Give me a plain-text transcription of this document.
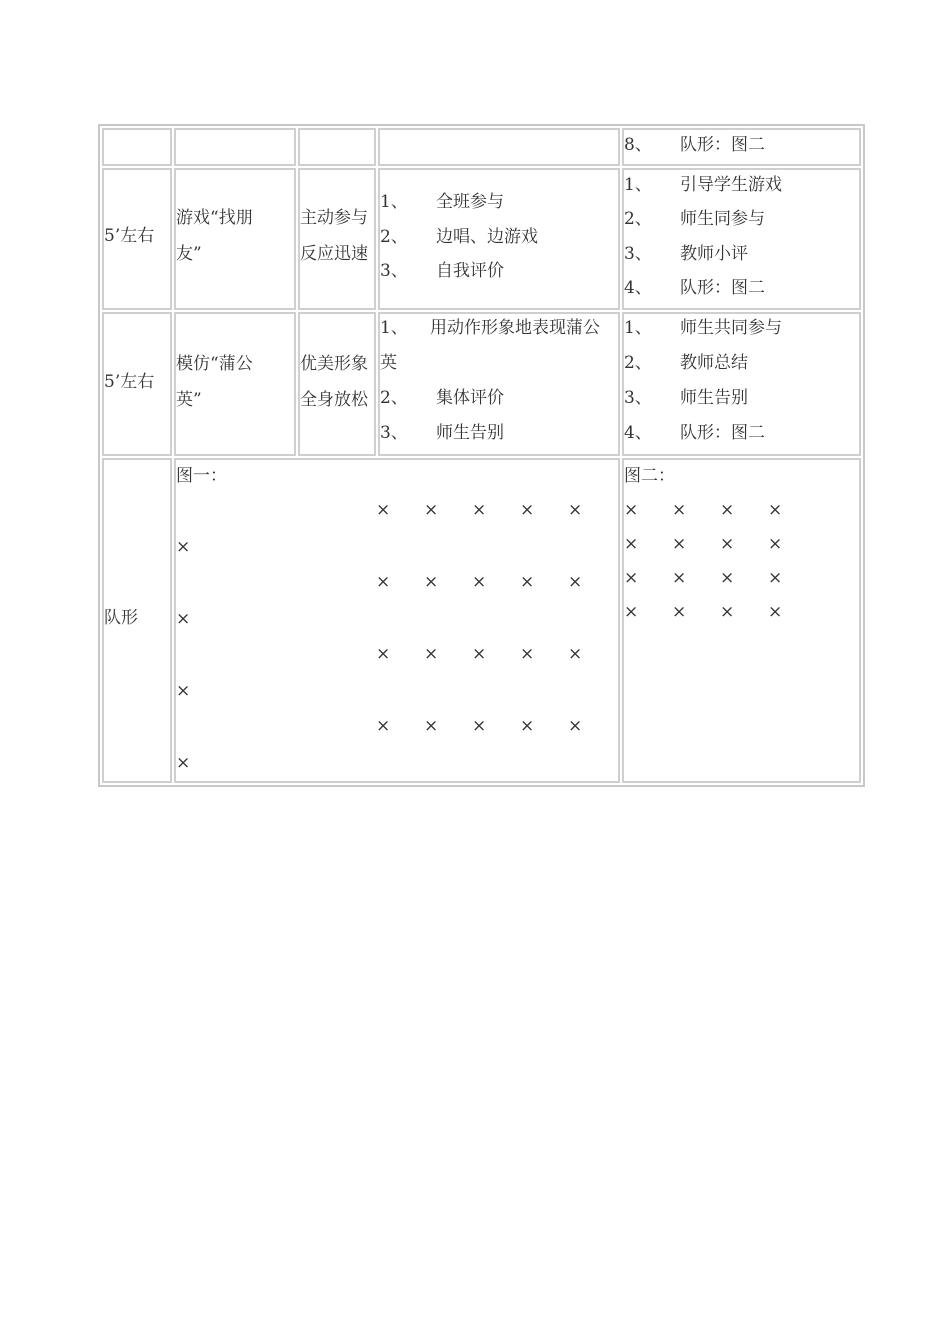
8、 队形：图二
5’左右
游戏“找朋
友”
主动参与
反应迅速
1、 全班参与
2、 边唱、边游戏
3、 自我评价
1、 引导学生游戏
2、 师生同参与
3、 教师小评
4、 队形：图二
5’左右
模仿“蒲公
英”
优美形象
全身放松
1、 用动作形象地表现蒲公
英
2、 集体评价
3、 师生告别
1、 师生共同参与
2、 教师总结
3、 师生告别
4、 队形：图二
队形
图一：
× × × × ×
×
× × × × ×
×
× × × × ×
×
× × × × ×
×
图二：
× × × ×
× × × ×
× × × ×
× × × ×
